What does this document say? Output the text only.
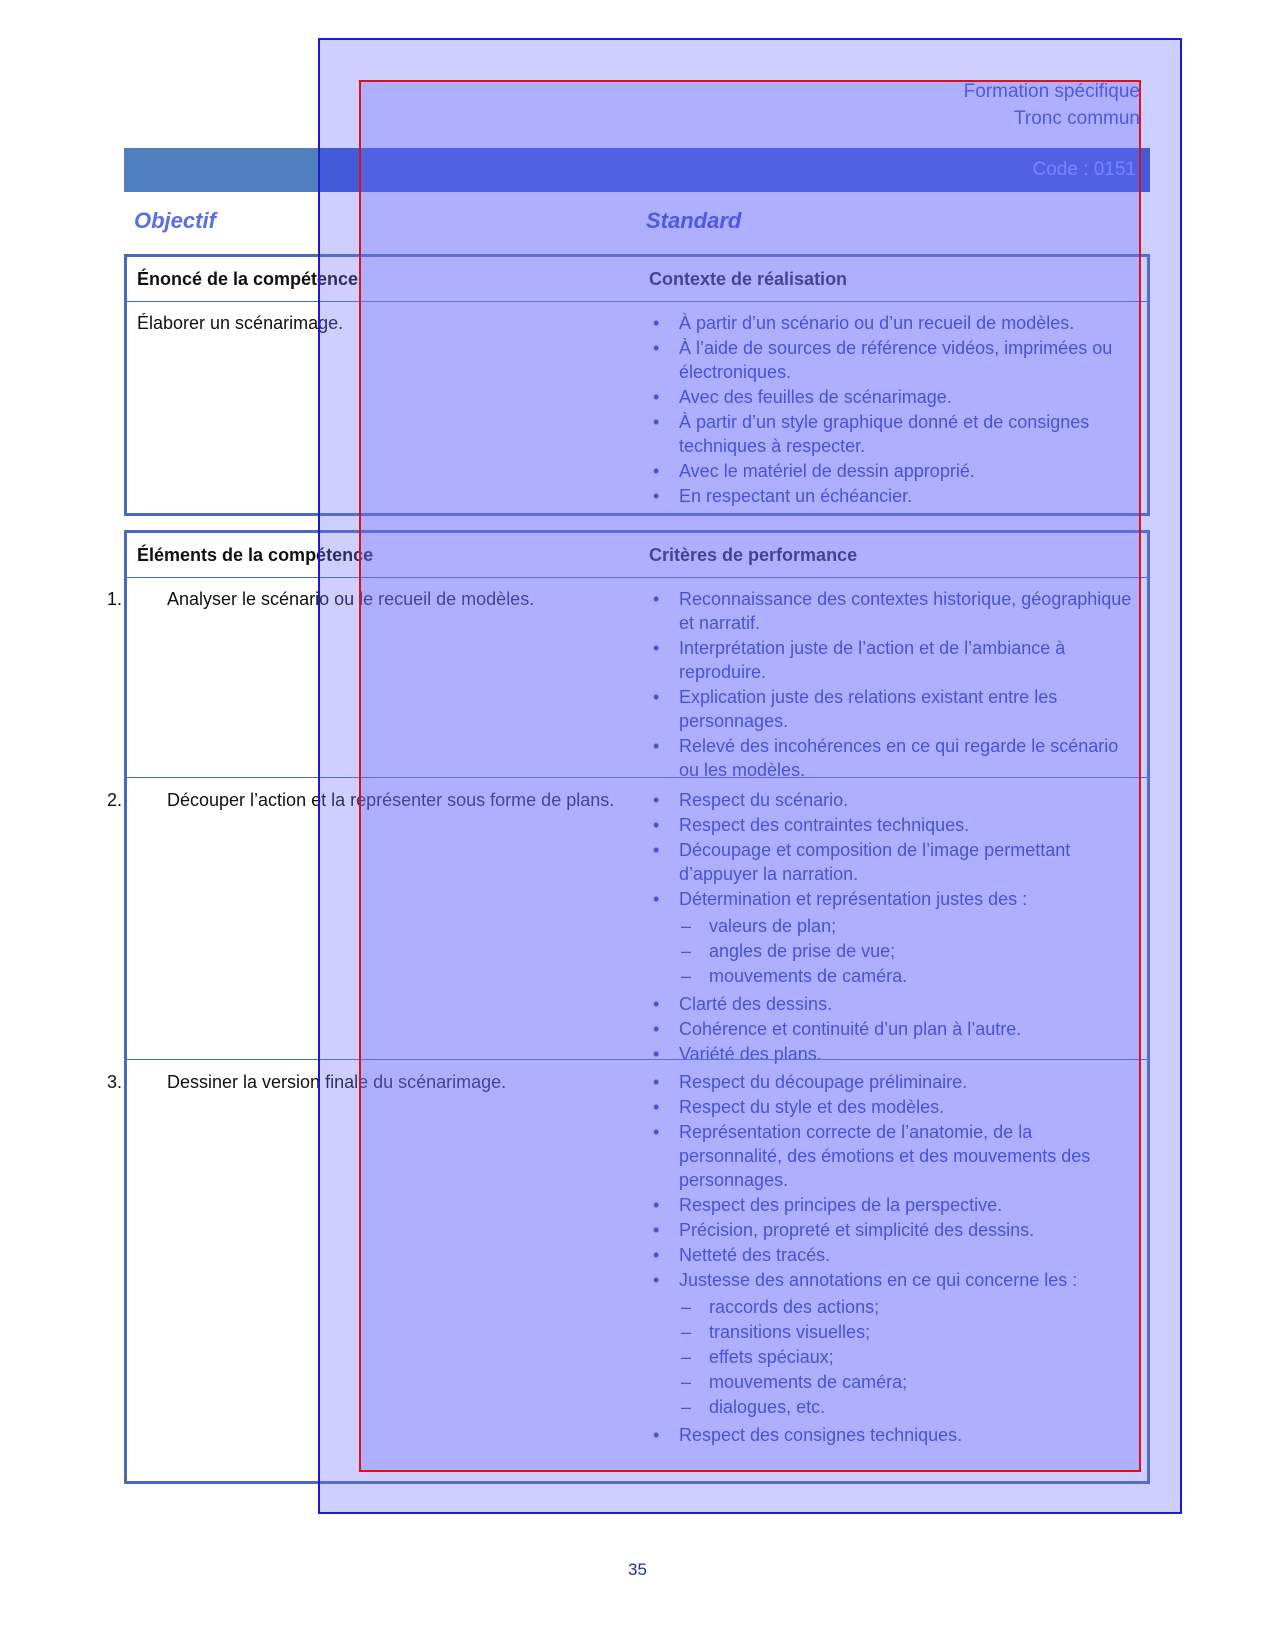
Formation spécifique
Tronc commun
Code : 0151
Objectif	Standard
Énoncé de la compétence	Contexte de réalisation
Élaborer un scénarimage.	• À partir d’un scénario ou d’un recueil de modèles.
• À l’aide de sources de référence vidéos, imprimées ou électroniques.
• Avec des feuilles de scénarimage.
• À partir d’un style graphique donné et de consignes techniques à respecter.
• Avec le matériel de dessin approprié.
• En respectant un échéancier.
Éléments de la compétence	Critères de performance
1. Analyser le scénario ou le recueil de modèles.	• Reconnaissance des contextes historique, géographique et narratif.
• Interprétation juste de l’action et de l’ambiance à reproduire.
• Explication juste des relations existant entre les personnages.
• Relevé des incohérences en ce qui regarde le scénario ou les modèles.
2. Découper l’action et la représenter sous forme de plans.	• Respect du scénario.
• Respect des contraintes techniques.
• Découpage et composition de l’image permettant d’appuyer la narration.
• Détermination et représentation justes des :
– valeurs de plan;
– angles de prise de vue;
– mouvements de caméra.
• Clarté des dessins.
• Cohérence et continuité d’un plan à l’autre.
• Variété des plans.
3. Dessiner la version finale du scénarimage.	• Respect du découpage préliminaire.
• Respect du style et des modèles.
• Représentation correcte de l’anatomie, de la personnalité, des émotions et des mouvements des personnages.
• Respect des principes de la perspective.
• Précision, propreté et simplicité des dessins.
• Netteté des tracés.
• Justesse des annotations en ce qui concerne les :
– raccords des actions;
– transitions visuelles;
– effets spéciaux;
– mouvements de caméra;
– dialogues, etc.
• Respect des consignes techniques.
35
